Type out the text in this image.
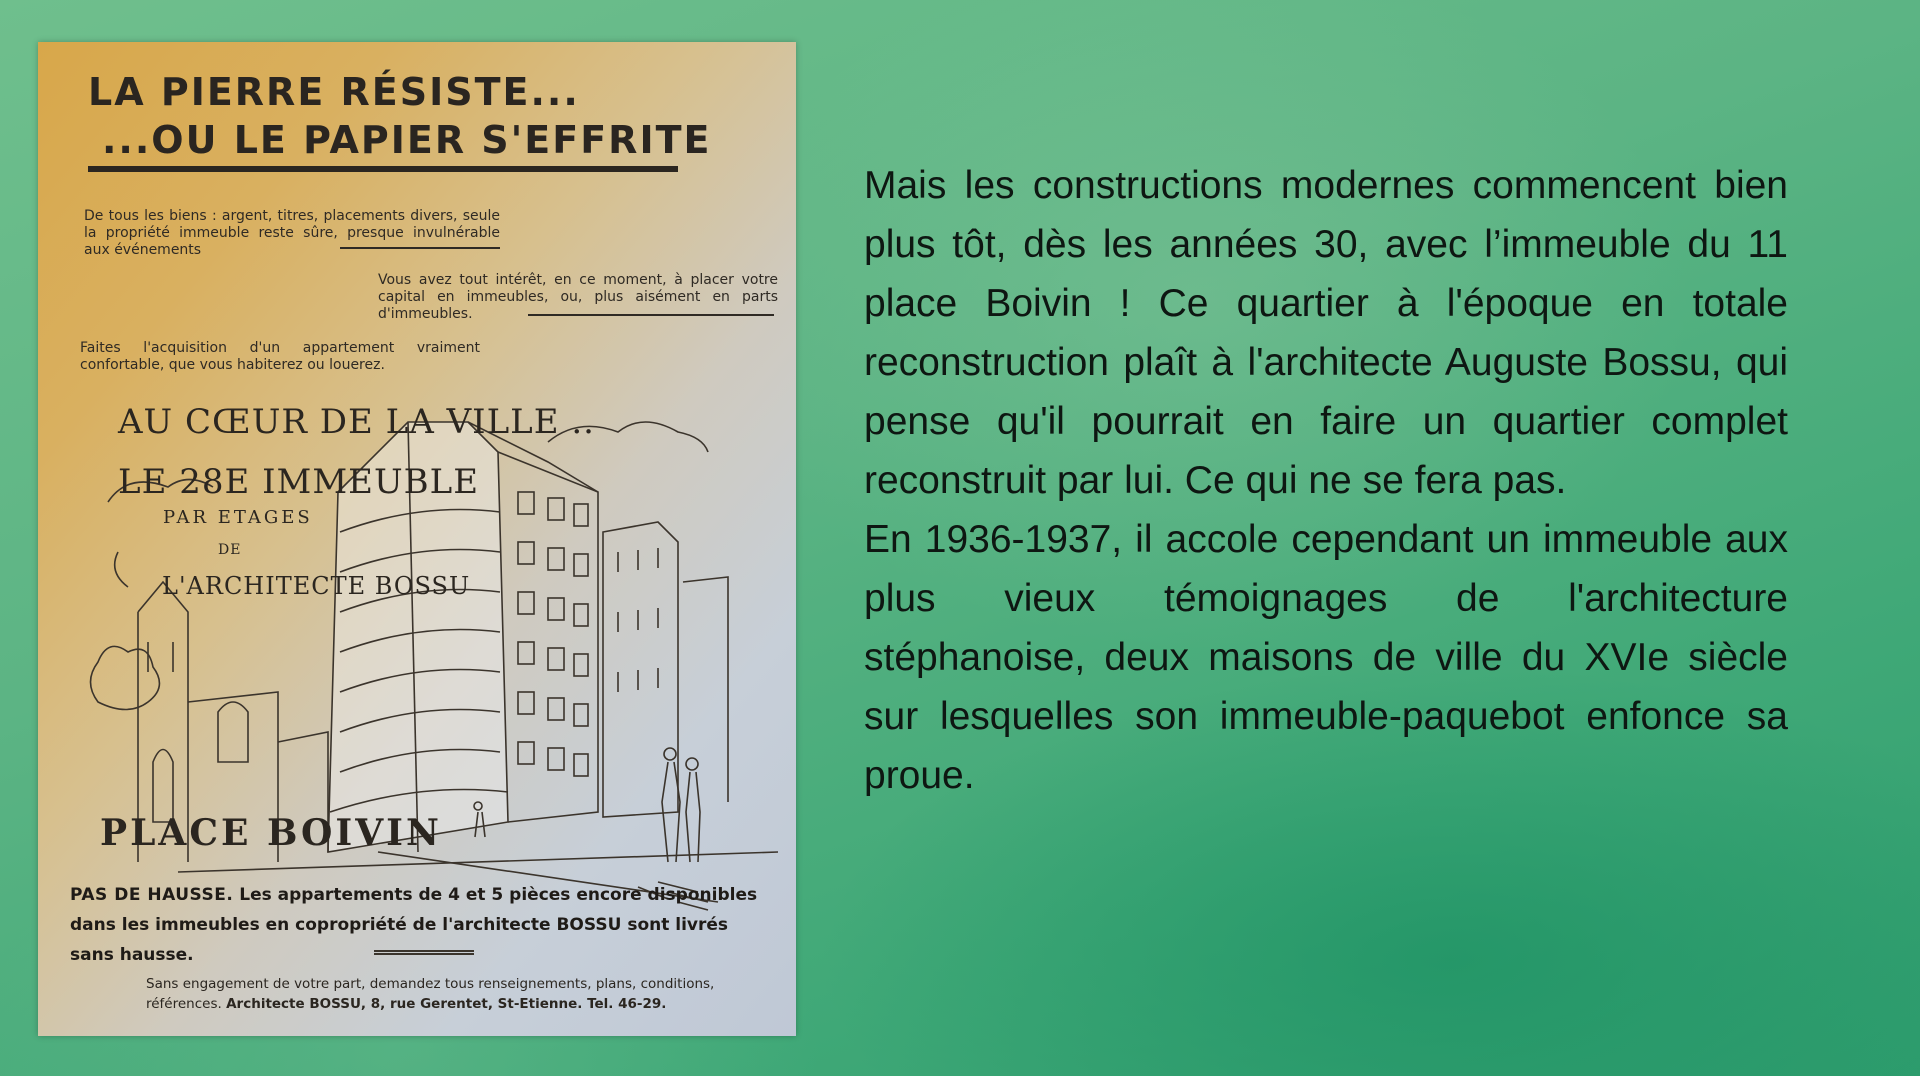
LA PIERRE RÉSISTE...
...OU LE PAPIER S'EFFRITE
De tous les biens : argent, titres, placements divers, seule la propriété immeuble reste sûre, presque invulnérable aux événements
Vous avez tout intérêt, en ce moment, à placer votre capital en immeubles, ou, plus aisément en parts d'immeubles.
Faites l'acquisition d'un appartement vraiment confortable, que vous habiterez ou louerez.
AU CŒUR DE LA VILLE ..
LE 28E IMMEUBLE
PAR ETAGES
DE
L'ARCHITECTE BOSSU
PLACE BOIVIN
PAS DE HAUSSE. Les appartements de 4 et 5 pièces encore disponibles dans les immeubles en copropriété de l'architecte BOSSU sont livrés sans hausse.
Sans engagement de votre part, demandez tous renseignements, plans, conditions, références. Architecte BOSSU, 8, rue Gerentet, St-Etienne. Tel. 46-29.

Mais les constructions modernes commencent bien plus tôt, dès les années 30, avec l’immeuble du 11 place Boivin ! Ce quartier à l'époque en totale reconstruction plaît à l'architecte Auguste Bossu, qui pense qu'il pourrait en faire un quartier complet reconstruit par lui. Ce qui ne se fera pas.

En 1936-1937, il accole cependant un immeuble aux plus vieux témoignages de l'architecture stéphanoise, deux maisons de ville du XVIe siècle sur lesquelles son immeuble-paquebot enfonce sa proue.
